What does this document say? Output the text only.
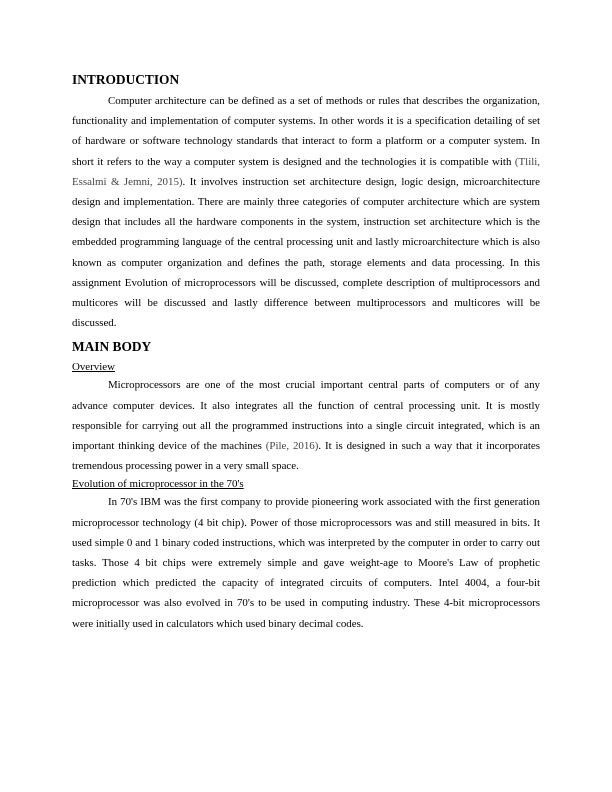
INTRODUCTION

Computer architecture can be defined as a set of methods or rules that describes the organization, functionality and implementation of computer systems. In other words it is a specification detailing of set of hardware or software technology standards that interact to form a platform or a computer system. In short it refers to the way a computer system is designed and the technologies it is compatible with (Tlili, Essalmi & Jemni, 2015). It involves instruction set architecture design, logic design, microarchitecture design and implementation. There are mainly three categories of computer architecture which are system design that includes all the hardware components in the system, instruction set architecture which is the embedded programming language of the central processing unit and lastly microarchitecture which is also known as computer organization and defines the path, storage elements and data processing. In this assignment Evolution of microprocessors will be discussed, complete description of multiprocessors and multicores will be discussed and lastly difference between multiprocessors and multicores will be discussed.

MAIN BODY
Overview

Microprocessors are one of the most crucial important central parts of computers or of any advance computer devices. It also integrates all the function of central processing unit. It is mostly responsible for carrying out all the programmed instructions into a single circuit integrated, which is an important thinking device of the machines (Pile, 2016). It is designed in such a way that it incorporates tremendous processing power in a very small space.

Evolution of microprocessor in the 70's

In 70's IBM was the first company to provide pioneering work associated with the first generation microprocessor technology (4 bit chip). Power of those microprocessors was and still measured in bits. It used simple 0 and 1 binary coded instructions, which was interpreted by the computer in order to carry out tasks. Those 4 bit chips were extremely simple and gave weight-age to Moore's Law of prophetic prediction which predicted the capacity of integrated circuits of computers. Intel 4004, a four-bit microprocessor was also evolved in 70's to be used in computing industry. These 4-bit microprocessors were initially used in calculators which used binary decimal codes.
